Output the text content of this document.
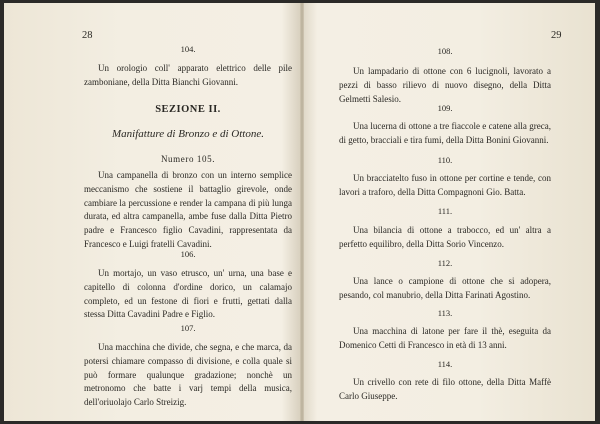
28
104.

Un orologio coll' apparato elettrico delle pile zamboniane, della Ditta Bianchi Giovanni.

SEZIONE II.
Manifatture di Bronzo e di Ottone.
Numero 105.

Una campanella di bronzo con un interno semplice meccanismo che sostiene il battaglio girevole, onde cambiare la percussione e render la campana di più lunga durata, ed altra campanella, ambe fuse dalla Ditta Pietro padre e Francesco figlio Cavadini, rappresentata da Francesco e Luigi fratelli Cavadini.

106.

Un mortajo, un vaso etrusco, un' urna, una base e capitello di colonna d'ordine dorico, un calamajo completo, ed un festone di fiori e frutti, gettati dalla stessa Ditta Cavadini Padre e Figlio.

107.

Una macchina che divide, che segna, e che marca, da potersi chiamare compasso di divisione, e colla quale si può formare qualunque gradazione; nonchè un metronomo che batte i varj tempi della musica, dell'oriuolajo Carlo Streizig.

29
108.

Un lampadario di ottone con 6 lucignoli, lavorato a pezzi di basso rilievo di nuovo disegno, della Ditta Gelmetti Salesio.

109.

Una lucerna di ottone a tre fiaccole e catene alla greca, di getto, bracciali e tira fumi, della Ditta Bonini Giovanni.

110.

Un bracciatelto fuso in ottone per cortine e tende, con lavori a traforo, della Ditta Compagnoni Gio. Batta.

111.

Una bilancia di ottone a trabocco, ed un' altra a perfetto equilibro, della Ditta Sorio Vincenzo.

112.

Una lance o campione di ottone che si adopera, pesando, col manubrio, della Ditta Farinati Agostino.

113.

Una macchina di latone per fare il thè, eseguita da Domenico Cetti di Francesco in età di 13 anni.

114.

Un crivello con rete di filo ottone, della Ditta Maffè Carlo Giuseppe.
